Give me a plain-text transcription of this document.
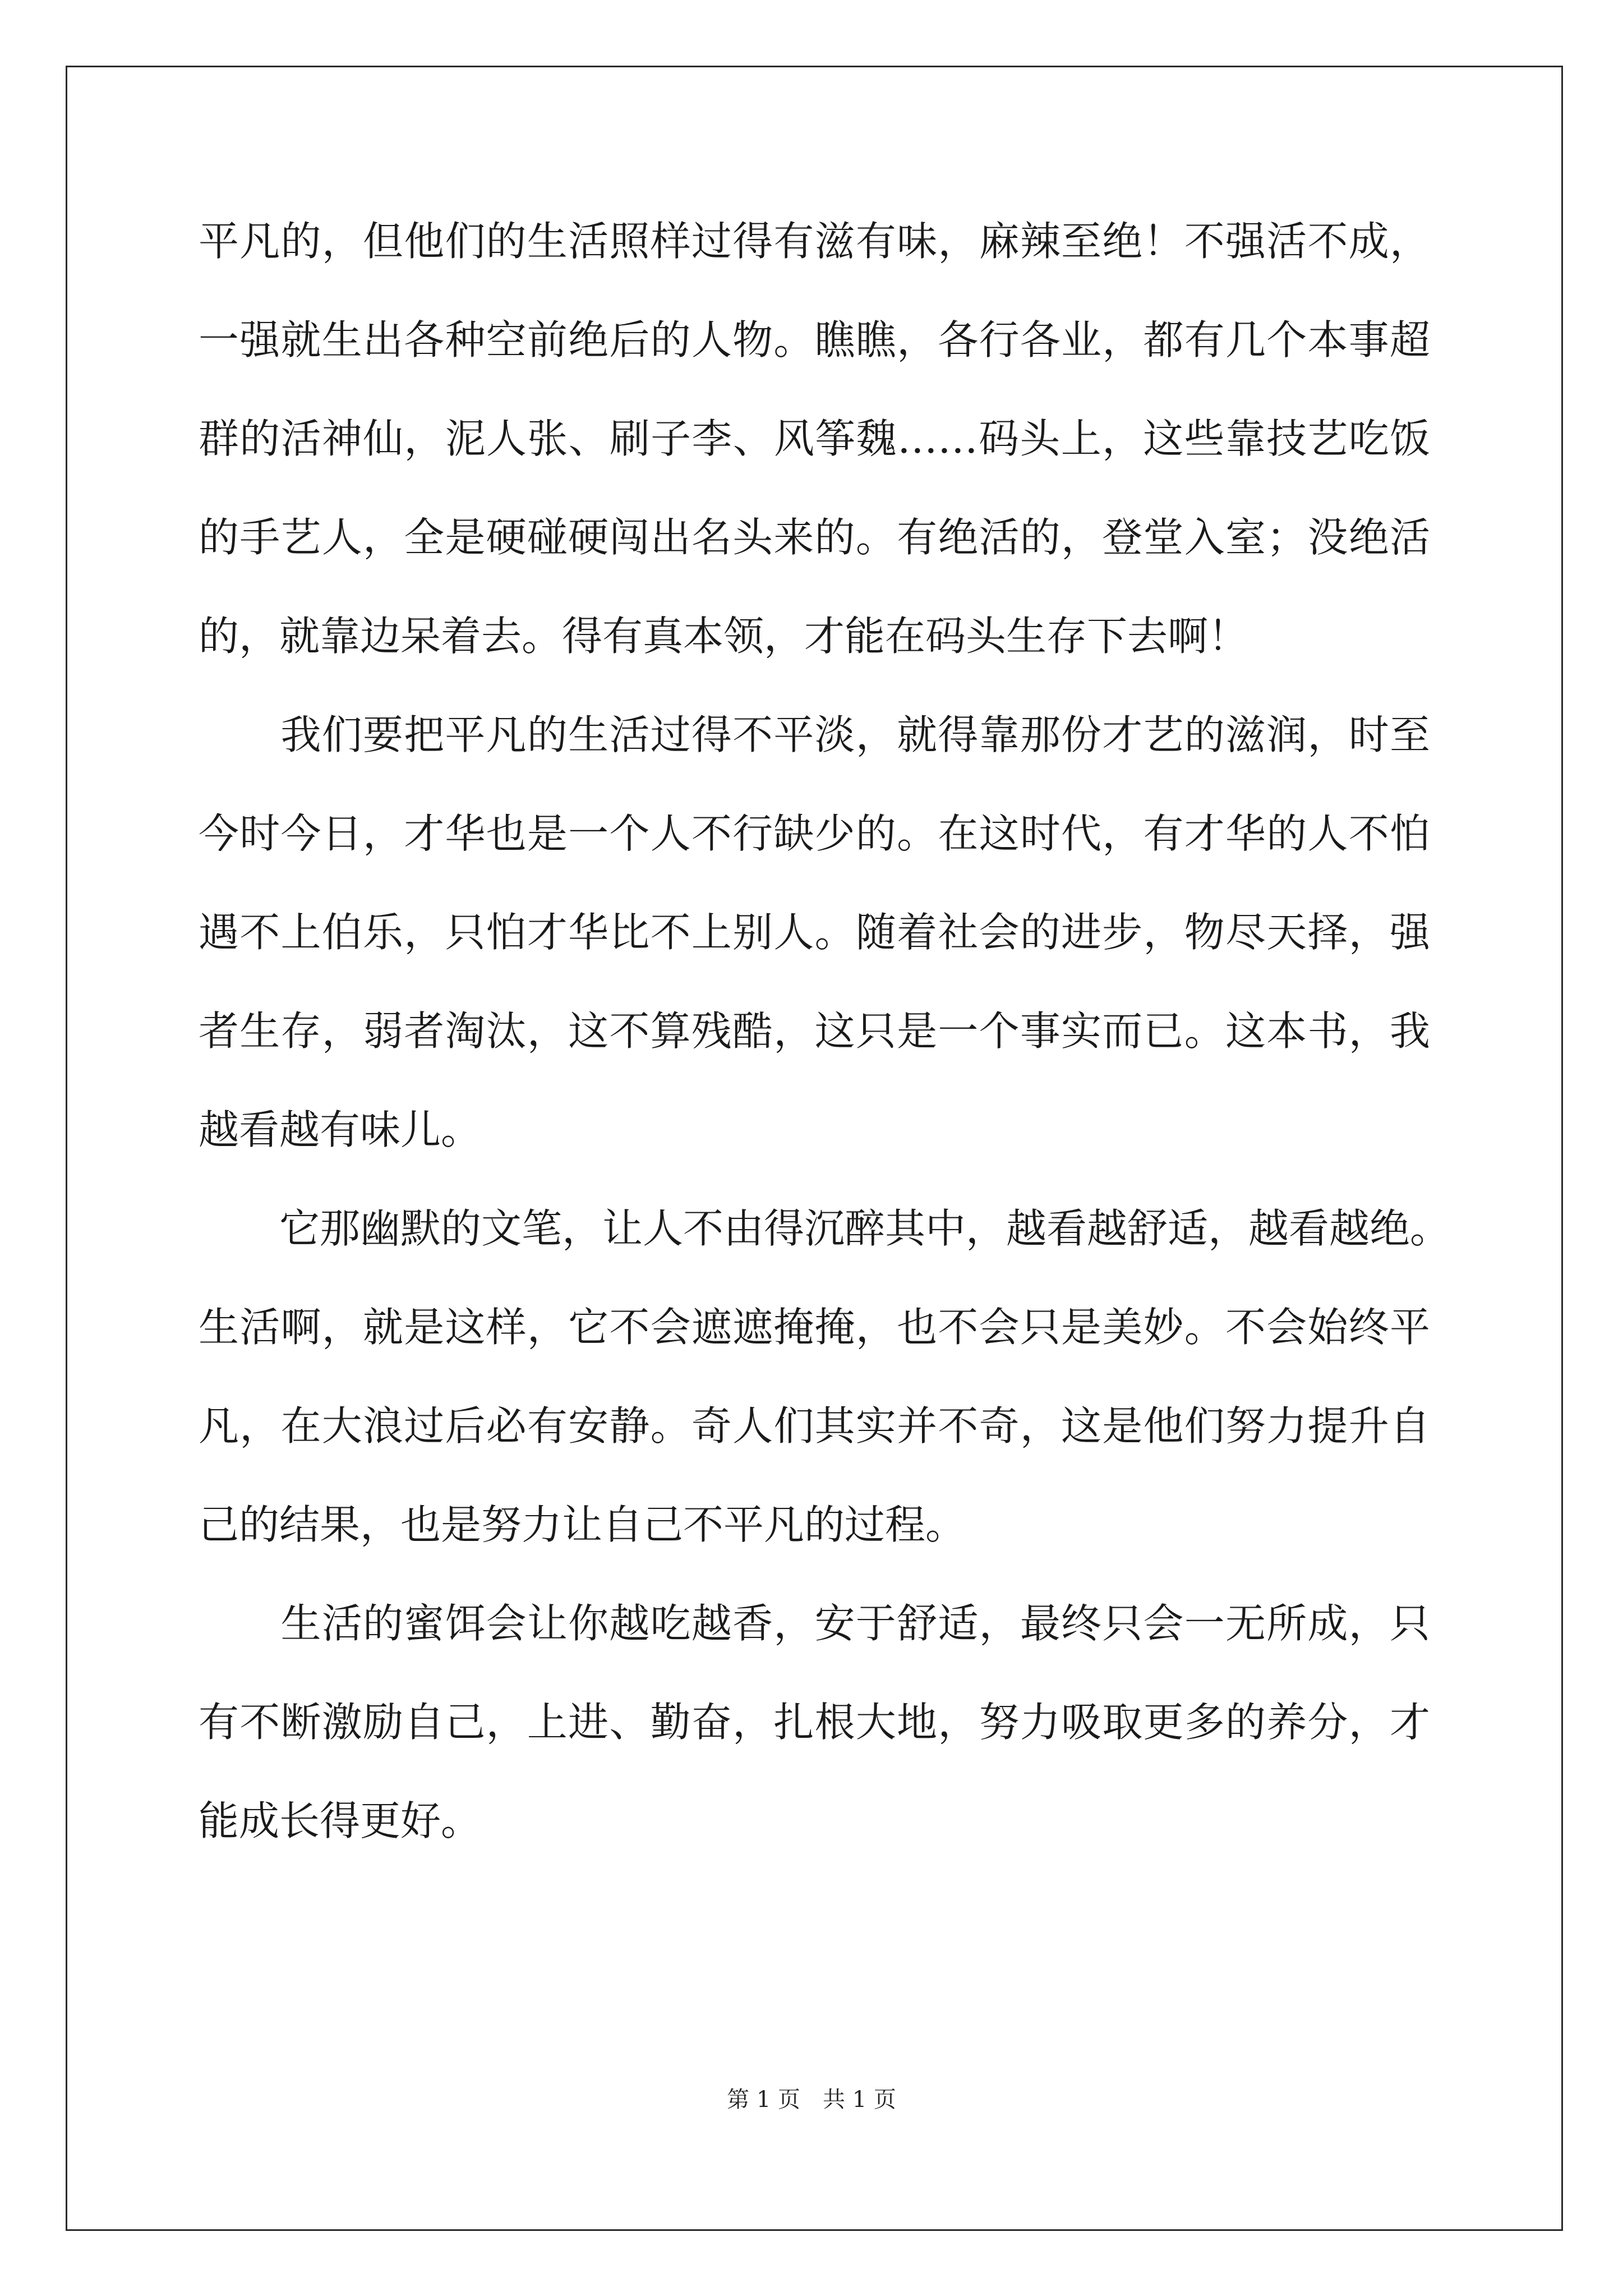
平凡的，但他们的生活照样过得有滋有味，麻辣至绝！不强活不成，
一强就生出各种空前绝后的人物。瞧瞧，各行各业，都有几个本事超
群的活神仙，泥人张、刷子李、风筝魏……码头上，这些靠技艺吃饭
的手艺人，全是硬碰硬闯出名头来的。有绝活的，登堂入室；没绝活
的，就靠边呆着去。得有真本领，才能在码头生存下去啊！
　　我们要把平凡的生活过得不平淡，就得靠那份才艺的滋润，时至
今时今日，才华也是一个人不行缺少的。在这时代，有才华的人不怕
遇不上伯乐，只怕才华比不上别人。随着社会的进步，物尽天择，强
者生存，弱者淘汰，这不算残酷，这只是一个事实而已。这本书，我
越看越有味儿。
　　它那幽默的文笔，让人不由得沉醉其中，越看越舒适，越看越绝。
生活啊，就是这样，它不会遮遮掩掩，也不会只是美妙。不会始终平
凡，在大浪过后必有安静。奇人们其实并不奇，这是他们努力提升自
己的结果，也是努力让自己不平凡的过程。
　　生活的蜜饵会让你越吃越香，安于舒适，最终只会一无所成，只
有不断激励自己，上进、勤奋，扎根大地，努力吸取更多的养分，才
能成长得更好。
第 1 页　共 1 页
